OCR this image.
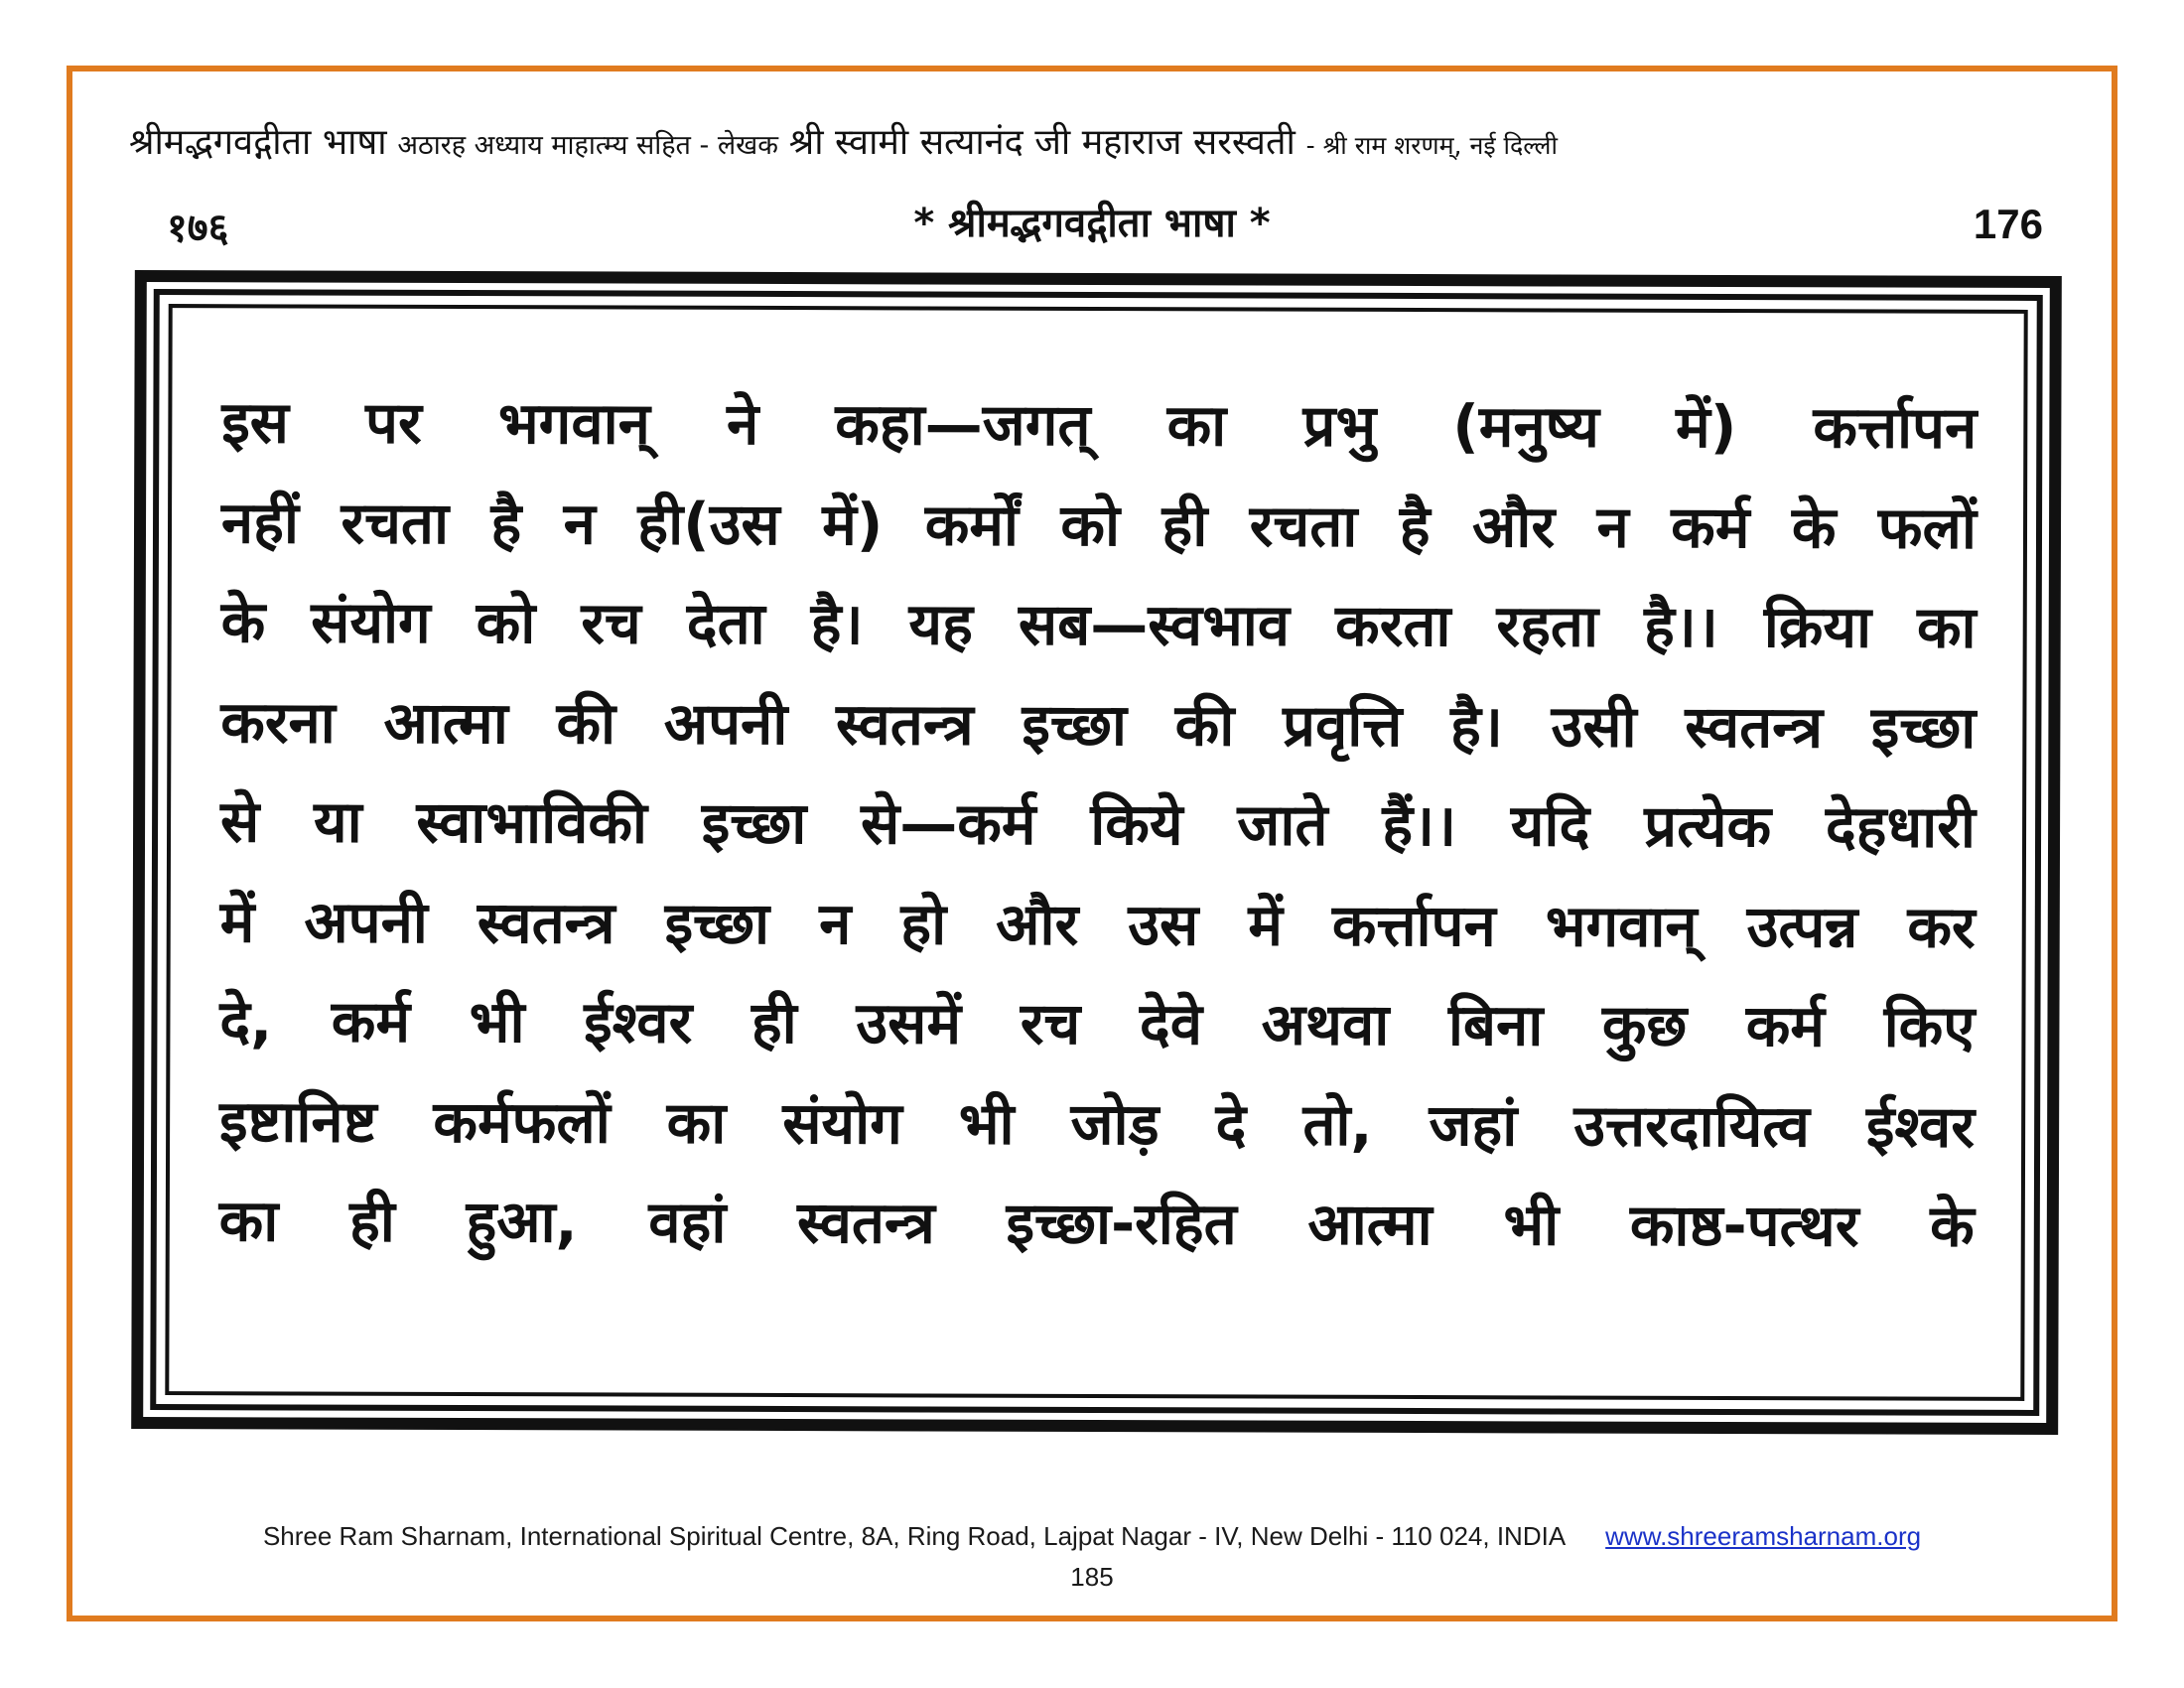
श्रीमद्भगवद्गीता भाषा अठारह अध्याय माहात्म्य सहित - लेखक श्री स्वामी सत्यानंद जी महाराज सरस्वती - श्री राम शरणम्, नई दिल्ली
१७६	* श्रीमद्भगवद्गीता भाषा *	176
इस पर भगवान् ने कहा—जगत् का प्रभु (मनुष्य में) कर्त्तापन
नहीं रचता है न ही(उस में) कर्मों को ही रचता है और न कर्म के फलों
के संयोग को रच देता है। यह सब—स्वभाव करता रहता है।। क्रिया का
करना आत्मा की अपनी स्वतन्त्र इच्छा की प्रवृत्ति है। उसी स्वतन्त्र इच्छा
से या स्वाभाविकी इच्छा से—कर्म किये जाते हैं।। यदि प्रत्येक देहधारी
में अपनी स्वतन्त्र इच्छा न हो और उस में कर्त्तापन भगवान् उत्पन्न कर
दे, कर्म भी ईश्वर ही उसमें रच देवे अथवा बिना कुछ कर्म किए
इष्टानिष्ट कर्मफलों का संयोग भी जोड़ दे तो, जहां उत्तरदायित्व ईश्वर
का ही हुआ, वहां स्वतन्त्र इच्छा-रहित आत्मा भी काष्ठ-पत्थर के
Shree Ram Sharnam, International Spiritual Centre, 8A, Ring Road, Lajpat Nagar - IV, New Delhi - 110 024, INDIA www.shreeramsharnam.org
185
